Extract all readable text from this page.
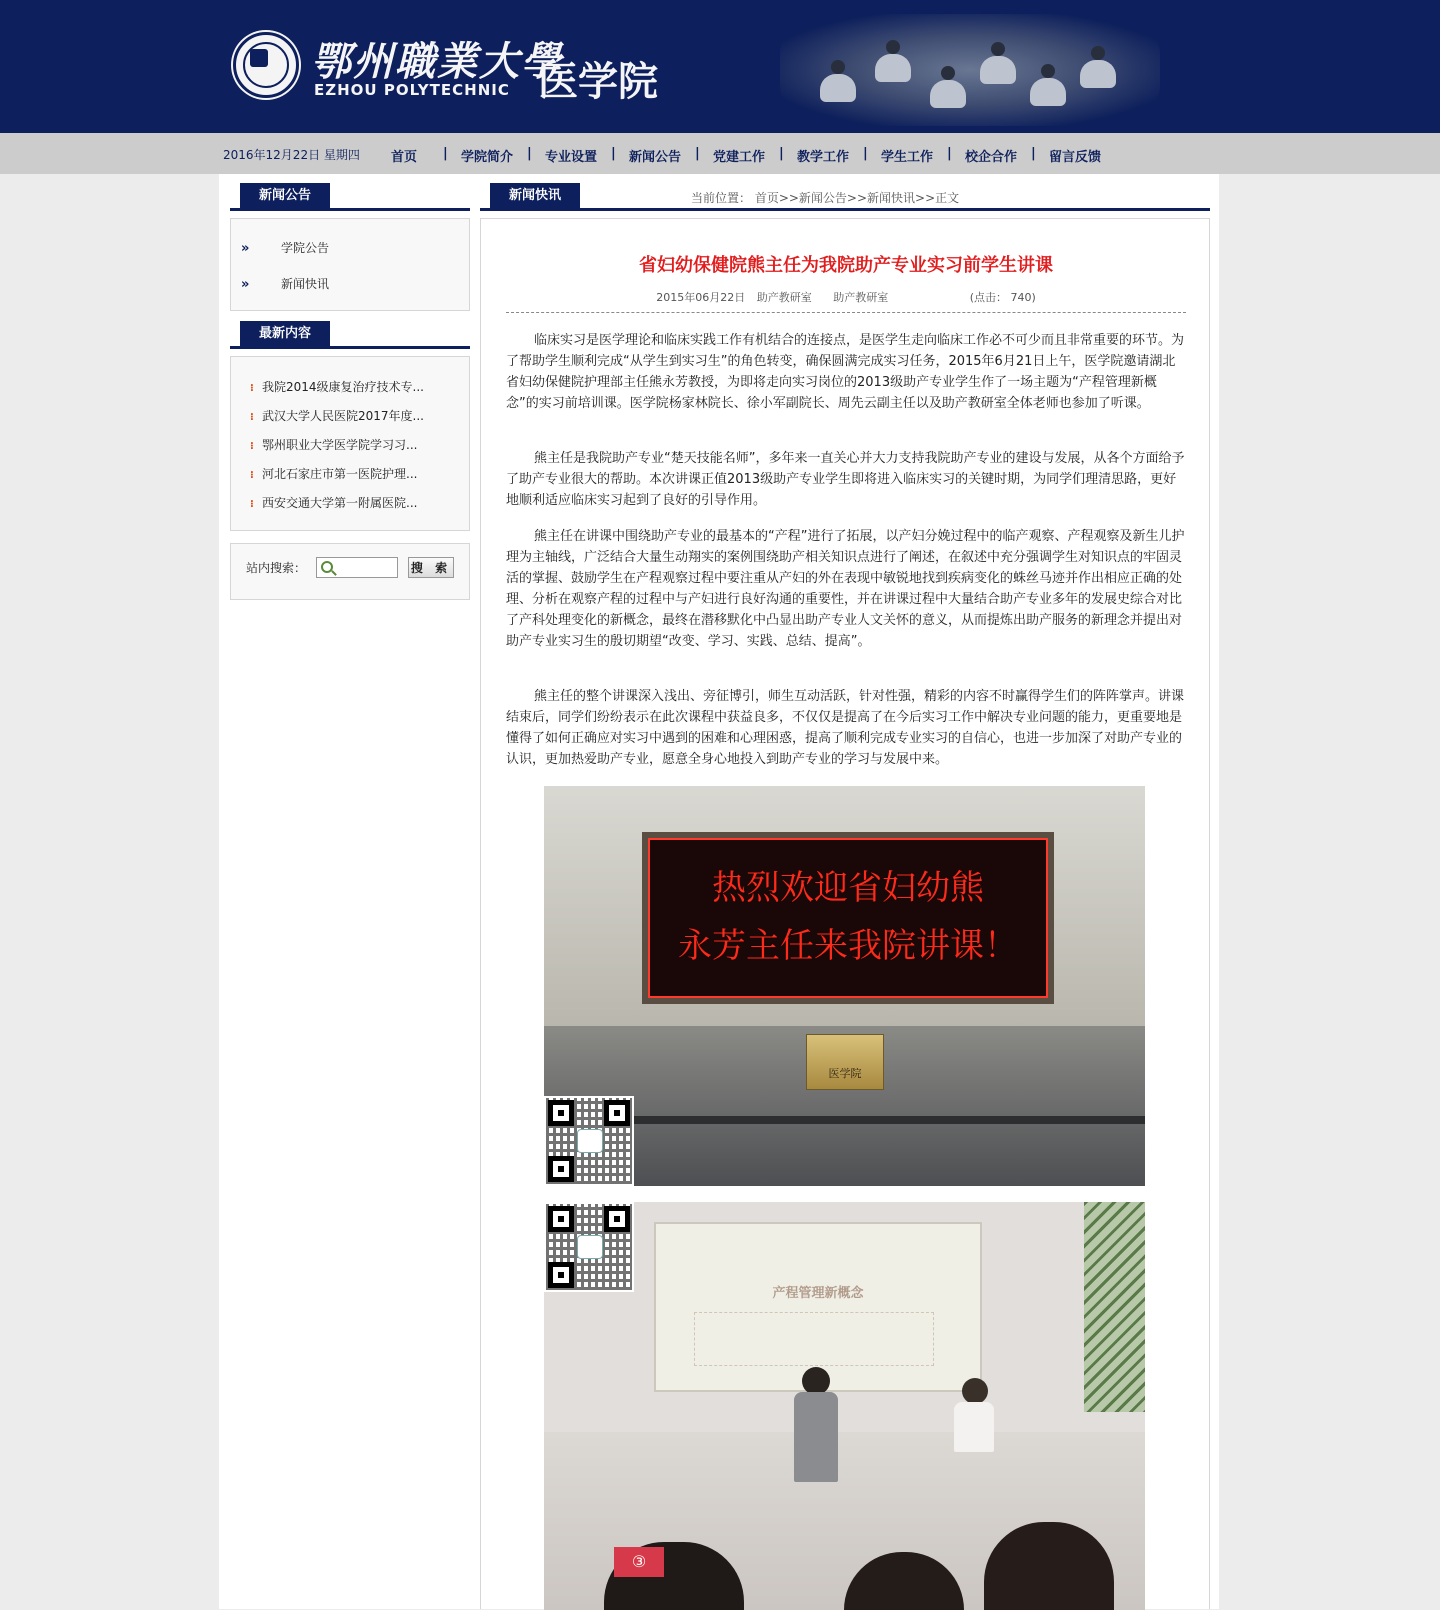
鄂州職業大學
EZHOU POLYTECHNIC 医学院
2016年12月22日 星期四 首页 | 学院简介 | 专业设置 | 新闻公告 | 党建工作 | 教学工作 | 学生工作 | 校企合作 | 留言反馈
新闻公告
»	学院公告
»	新闻快讯
最新内容
⁝ 我院2014级康复治疗技术专...
⁝ 武汉大学人民医院2017年度...
⁝ 鄂州职业大学医学院学习习...
⁝ 河北石家庄市第一医院护理...
⁝ 西安交通大学第一附属医院...
站内搜索：	搜 索
新闻快讯	当前位置： 首页>>新闻公告>>新闻快讯>>正文
省妇幼保健院熊主任为我院助产专业实习前学生讲课
2015年06月22日 助产教研室 助产教研室	(点击： 740)

临床实习是医学理论和临床实践工作有机结合的连接点，是医学生走向临床工作必不可少而且非常重要的环节。为了帮助学生顺利完成“从学生到实习生”的角色转变，确保圆满完成实习任务，2015年6月21日上午，医学院邀请湖北省妇幼保健院护理部主任熊永芳教授，为即将走向实习岗位的2013级助产专业学生作了一场主题为“产程管理新概念”的实习前培训课。医学院杨家林院长、徐小军副院长、周先云副主任以及助产教研室全体老师也参加了听课。

熊主任是我院助产专业“楚天技能名师”，多年来一直关心并大力支持我院助产专业的建设与发展，从各个方面给予了助产专业很大的帮助。本次讲课正值2013级助产专业学生即将进入临床实习的关键时期，为同学们理清思路，更好地顺利适应临床实习起到了良好的引导作用。

熊主任在讲课中围绕助产专业的最基本的“产程”进行了拓展，以产妇分娩过程中的临产观察、产程观察及新生儿护理为主轴线，广泛结合大量生动翔实的案例围绕助产相关知识点进行了阐述，在叙述中充分强调学生对知识点的牢固灵活的掌握、鼓励学生在产程观察过程中要注重从产妇的外在表现中敏锐地找到疾病变化的蛛丝马迹并作出相应正确的处理、分析在观察产程的过程中与产妇进行良好沟通的重要性，并在讲课过程中大量结合助产专业多年的发展史综合对比了产科处理变化的新概念，最终在潜移默化中凸显出助产专业人文关怀的意义，从而提炼出助产服务的新理念并提出对助产专业实习生的殷切期望“改变、学习、实践、总结、提高”。

熊主任的整个讲课深入浅出、旁征博引，师生互动活跃，针对性强，精彩的内容不时赢得学生们的阵阵掌声。讲课结束后，同学们纷纷表示在此次课程中获益良多，不仅仅是提高了在今后实习工作中解决专业问题的能力，更重要地是懂得了如何正确应对实习中遇到的困难和心理困惑，提高了顺利完成专业实习的自信心，也进一步加深了对助产专业的认识，更加热爱助产专业，愿意全身心地投入到助产专业的学习与发展中来。

热烈欢迎省妇幼熊
永芳主任来我院讲课！
医学院
产程管理新概念
③
